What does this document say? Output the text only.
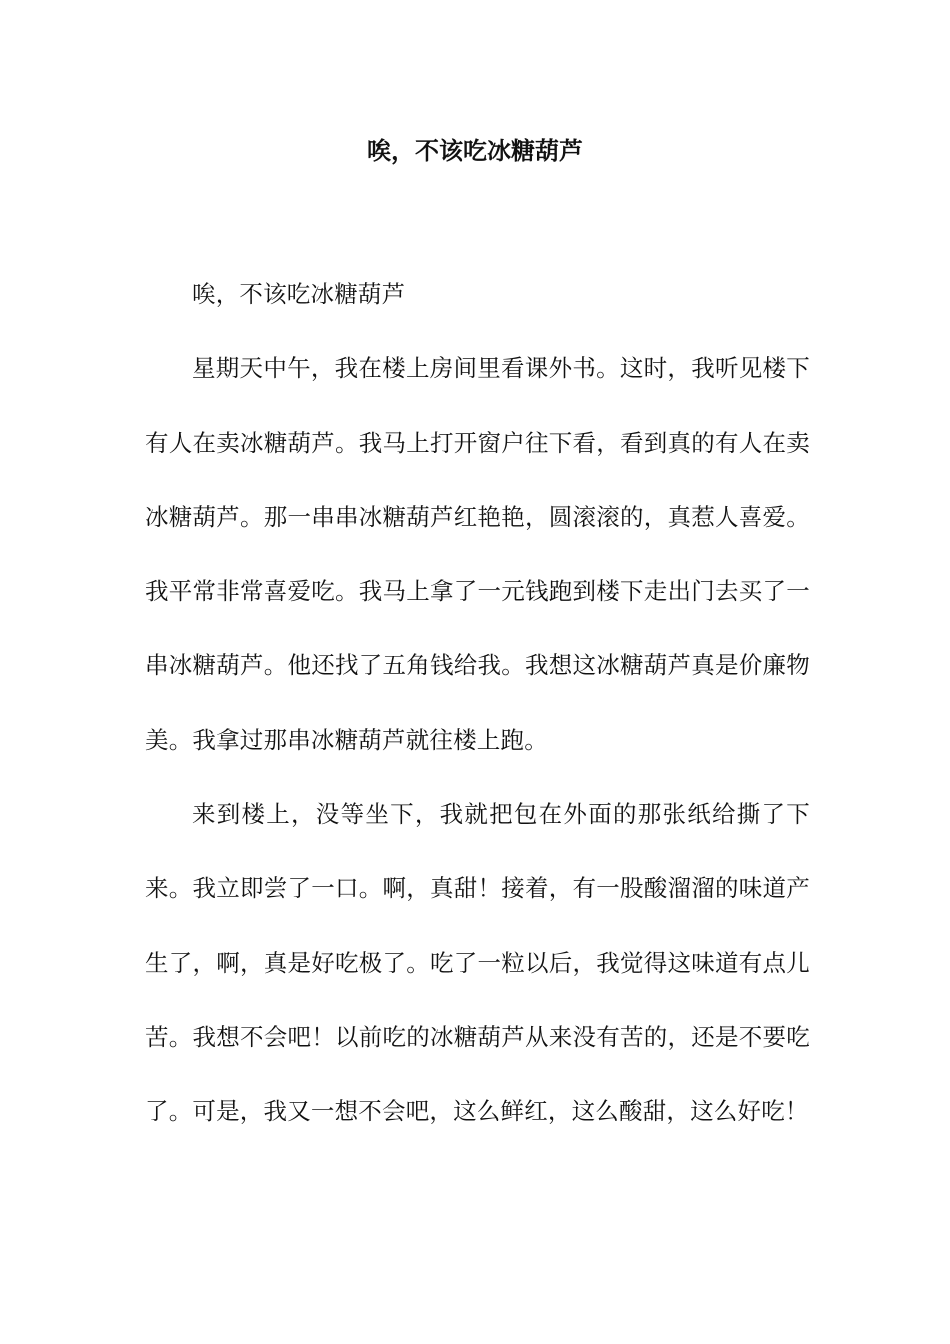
唉，不该吃冰糖葫芦

唉，不该吃冰糖葫芦

星期天中午，我在楼上房间里看课外书。这时，我听见楼下有人在卖冰糖葫芦。我马上打开窗户往下看，看到真的有人在卖冰糖葫芦。那一串串冰糖葫芦红艳艳，圆滚滚的，真惹人喜爱。我平常非常喜爱吃。我马上拿了一元钱跑到楼下走出门去买了一串冰糖葫芦。他还找了五角钱给我。我想这冰糖葫芦真是价廉物美。我拿过那串冰糖葫芦就往楼上跑。

来到楼上，没等坐下，我就把包在外面的那张纸给撕了下来。我立即尝了一口。啊，真甜！接着，有一股酸溜溜的味道产生了，啊，真是好吃极了。吃了一粒以后，我觉得这味道有点儿苦。我想不会吧！以前吃的冰糖葫芦从来没有苦的，还是不要吃了。可是，我又一想不会吧，这么鲜红，这么酸甜，这么好吃！
